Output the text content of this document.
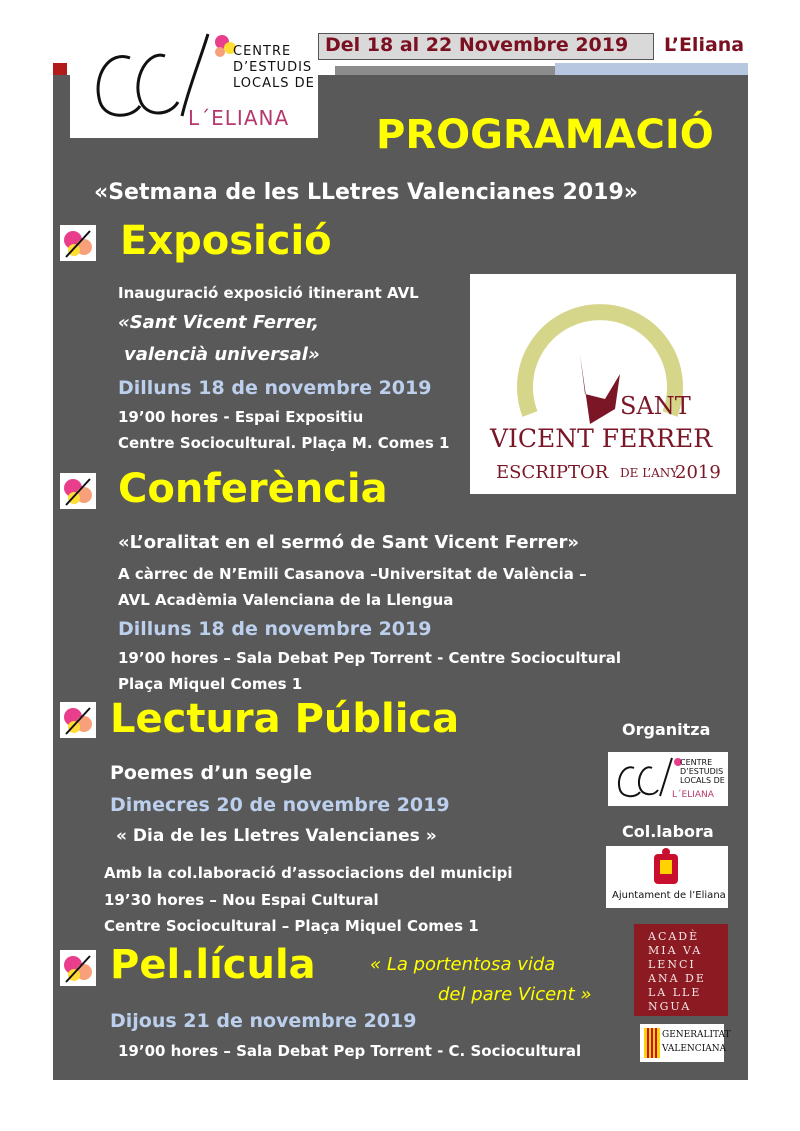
Del 18 al 22 Novembre 2019 L’Eliana
CENTRE
D’ESTUDIS
LOCALS DE
L´ELIANA PROGRAMACIÓ
«Setmana de les LLetres Valencianes 2019»
Exposició
Inauguració exposició itinerant AVL
«Sant Vicent Ferrer,
valencià universal»
Dilluns 18 de novembre 2019
19’00 hores - Espai Expositiu
Centre Sociocultural. Plaça M. Comes 1
SANT
VICENT FERRER
ESCRIPTOR DE L’ANY
2019
Conferència
«L’oralitat en el sermó de Sant Vicent Ferrer»
A càrrec de N’Emili Casanova –Universitat de València –
AVL Acadèmia Valenciana de la Llengua
Dilluns 18 de novembre 2019
19’00 hores – Sala Debat Pep Torrent - Centre Sociocultural
Plaça Miquel Comes 1
Lectura Pública
Poemes d’un segle
Dimecres 20 de novembre 2019
« Dia de les Lletres Valencianes »
Amb la col.laboració d’associacions del municipi
19’30 hores – Nou Espai Cultural
Centre Sociocultural – Plaça Miquel Comes 1
Organitza
CENTRE
D’ESTUDIS
LOCALS DE
L´ELIANA
Col.labora
Ajuntament de l’Eliana
Pel.lícula	« La portentosa vida
del pare Vicent »
Dijous 21 de novembre 2019
19’00 hores – Sala Debat Pep Torrent - C. Sociocultural
ACADÈ
MIA VA
LENCI
ANA DE
LA LLE
NGUA
GENERALITAT
VALENCIANA
